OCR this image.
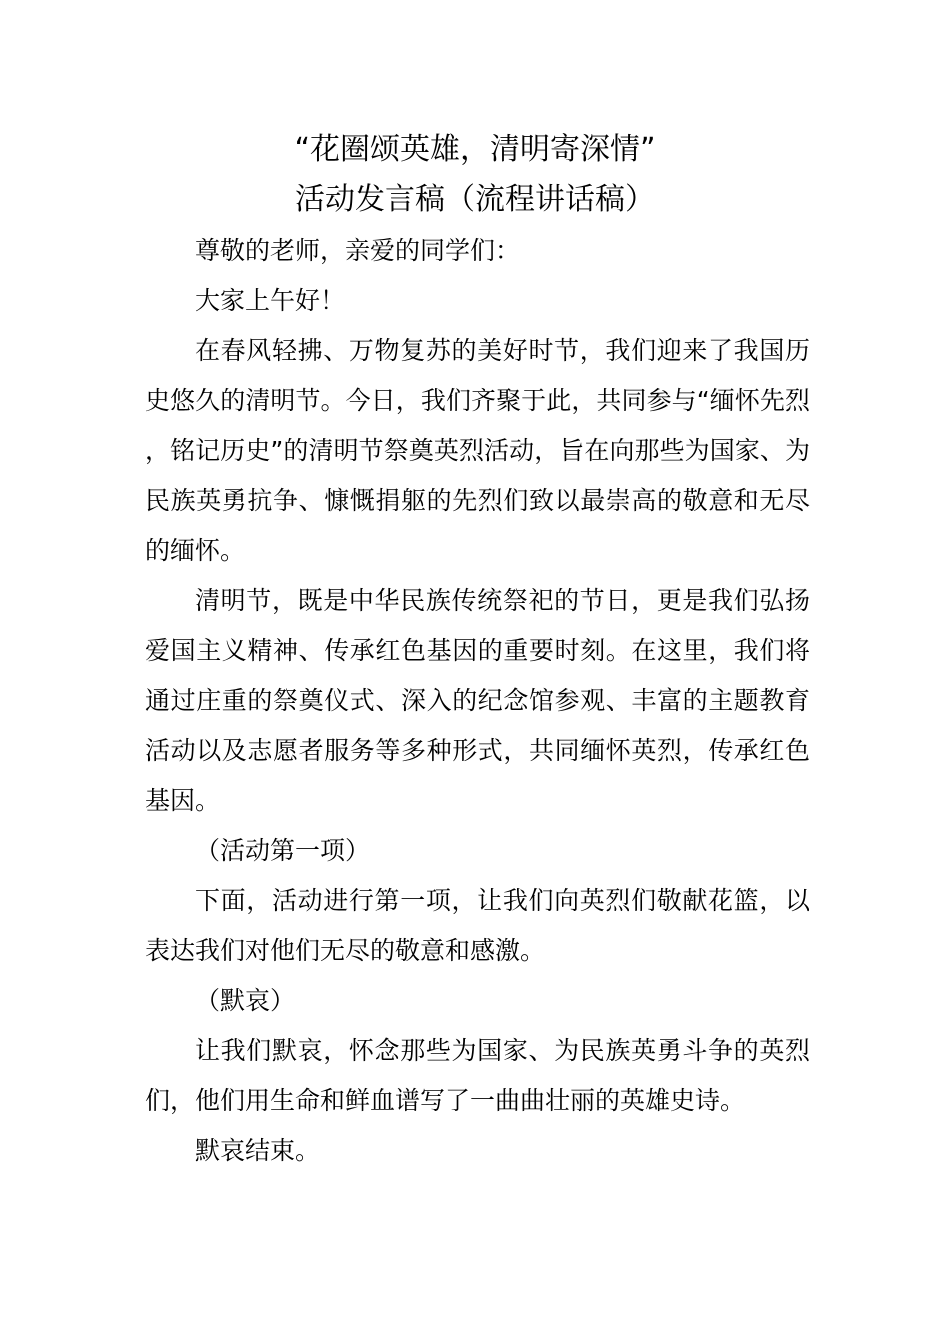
“花圈颂英雄，清明寄深情”
活动发言稿（流程讲话稿）

尊敬的老师，亲爱的同学们：

大家上午好！

在春风轻拂、万物复苏的美好时节，我们迎来了我国历史悠久的清明节。今日，我们齐聚于此，共同参与“缅怀先烈，铭记历史”的清明节祭奠英烈活动，旨在向那些为国家、为民族英勇抗争、慷慨捐躯的先烈们致以最崇高的敬意和无尽的缅怀。

清明节，既是中华民族传统祭祀的节日，更是我们弘扬爱国主义精神、传承红色基因的重要时刻。在这里，我们将通过庄重的祭奠仪式、深入的纪念馆参观、丰富的主题教育活动以及志愿者服务等多种形式，共同缅怀英烈，传承红色基因。

（活动第一项）

下面，活动进行第一项，让我们向英烈们敬献花篮，以表达我们对他们无尽的敬意和感激。

（默哀）

让我们默哀，怀念那些为国家、为民族英勇斗争的英烈们，他们用生命和鲜血谱写了一曲曲壮丽的英雄史诗。

默哀结束。
